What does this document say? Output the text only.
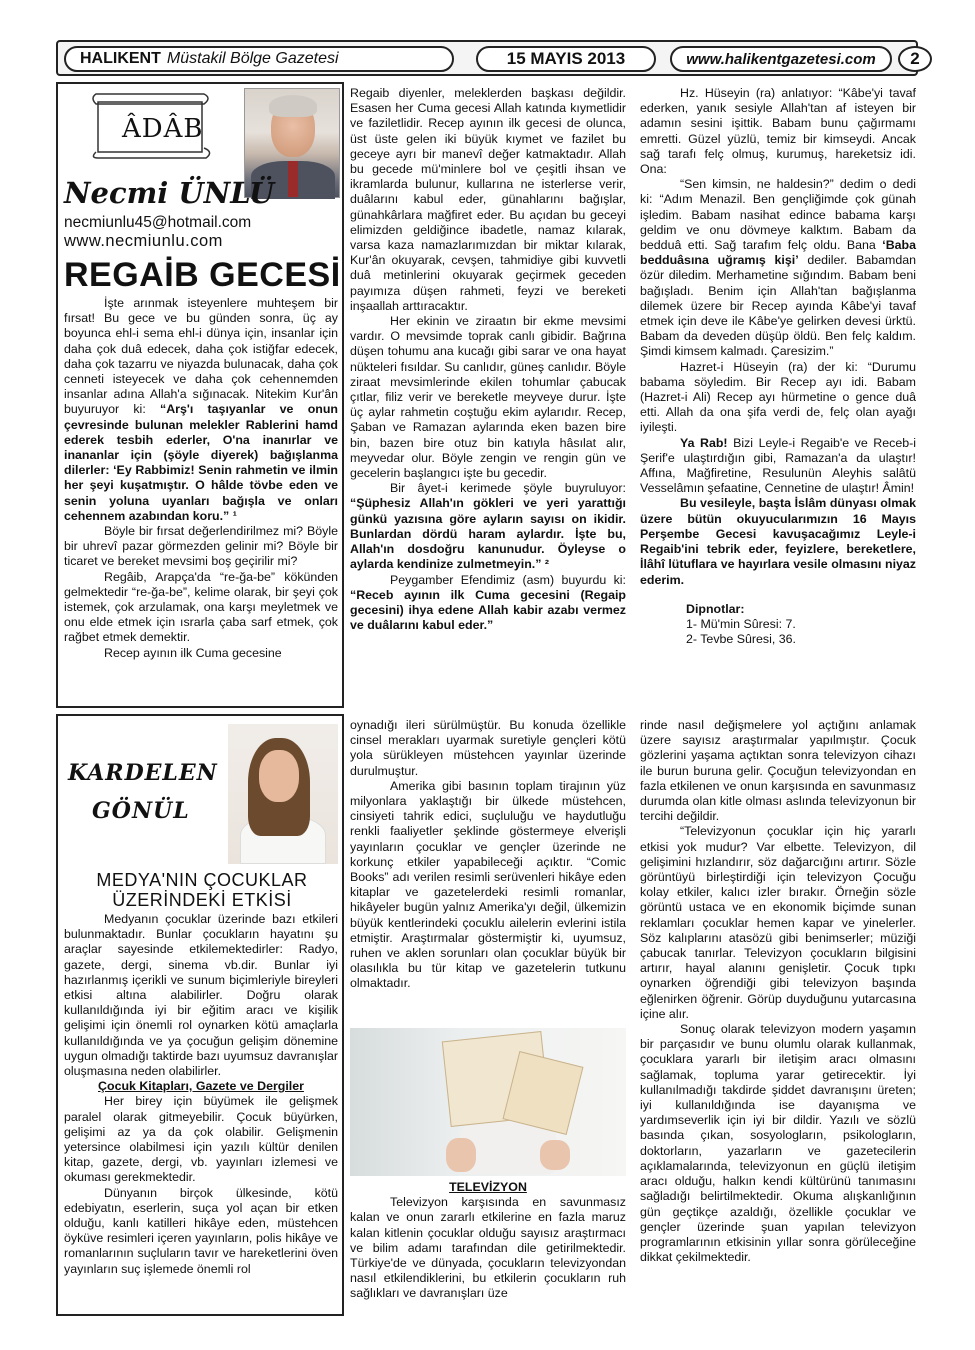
HALIKENT Müstakil Bölge Gazetesi	15 MAYIS 2013	www.halikentgazetesi.com	2
ÂDÂB
Necmi ÜNLÜ
necmiunlu45@hotmail.com
www.necmiunlu.com
REGAİB GECESİ

İşte arınmak isteyenlere muhteşem bir fırsat! Bu gece ve bu günden sonra, üç ay boyunca ehl-i sema ehl-i dünya için, insanlar için daha çok duâ edecek, daha çok istiğfar edecek, daha çok tazarru ve niyazda bulunacak, daha çok cenneti isteyecek ve daha çok cehennemden insanlar adına Allah'a sığınacak. Nitekim Kur'ân buyuruyor ki: “Arş'ı taşıyanlar ve onun çevresinde bulunan melekler Rablerini hamd ederek tesbih ederler, O'na inanırlar ve inananlar için (şöyle diyerek) bağışlanma dilerler: ‘Ey Rabbimiz! Senin rahmetin ve ilmin her şeyi kuşatmıştır. O hâlde tövbe eden ve senin yoluna uyanları bağışla ve onları cehennem azabından koru.” ¹

Böyle bir fırsat değerlendirilmez mi? Böyle bir uhrevî pazar görmezden gelinir mi? Böyle bir ticaret ve bereket mevsimi boş geçirilir mi?

Regâib, Arapça'da “re-ğa-be” kökünden gelmektedir “re-ğa-be”, kelime olarak, bir şeyi çok istemek, çok arzulamak, ona karşı meyletmek ve onu elde etmek için ısrarla çaba sarf etmek, çok rağbet etmek demektir.

Recep ayının ilk Cuma gecesine

Regaib diyenler, meleklerden başkası değildir. Esasen her Cuma gecesi Allah katında kıymetlidir ve faziletlidir. Recep ayının ilk gecesi de olunca, üst üste gelen iki büyük kıymet ve fazilet bu geceye ayrı bir manevî değer katmaktadır. Allah bu gecede mü'minlere bol ve çeşitli ihsan ve ikramlarda bulunur, kullarına ne isterlerse verir, duâlarını kabul eder, günahlarını bağışlar, günahkârlara mağfiret eder. Bu açıdan bu geceyi elimizden geldiğince ibadetle, namaz kılarak, varsa kaza namazlarımızdan bir miktar kılarak, Kur'ân okuyarak, cevşen, tahmidiye gibi kuvvetli duâ metinlerini okuyarak geçirmek geceden payımıza düşen rahmeti, feyzi ve bereketi inşaallah arttıracaktır.

Her ekinin ve ziraatın bir ekme mevsimi vardır. O mevsimde toprak canlı gibidir. Bağrına düşen tohumu ana kucağı gibi sarar ve ona hayat nükteleri fısıldar. Su canlıdır, güneş canlıdır. Böyle ziraat mevsimlerinde ekilen tohumlar çabucak çıtlar, filiz verir ve bereketle meyveye durur. İşte üç aylar rahmetin coştuğu ekim aylarıdır. Recep, Şaban ve Ramazan aylarında eken bazen bire bin, bazen bire otuz bin katıyla hâsılat alır, meyvedar olur. Böyle zengin ve rengin gün ve gecelerin başlangıcı işte bu gecedir.

Bir âyet-i kerimede şöyle buyruluyor: “Şüphesiz Allah'ın gökleri ve yeri yarattığı günkü yazısına göre ayların sayısı on ikidir. Bunlardan dördü haram aylardır. İşte bu, Allah'ın dosdoğru kanunudur. Öyleyse o aylarda kendinize zulmetmeyin.” ²

Peygamber Efendimiz (asm) buyurdu ki: “Receb ayının ilk Cuma gecesini (Regaip gecesini) ihya edene Allah kabir azabı vermez ve duâlarını kabul eder.”

Hz. Hüseyin (ra) anlatıyor: “Kâbe'yi tavaf ederken, yanık sesiyle Allah'tan af isteyen bir adamın sesini işittik. Babam bunu çağırmamı emretti. Güzel yüzlü, temiz bir kimseydi. Ancak sağ tarafı felç olmuş, kurumuş, hareketsiz idi. Ona:

“Sen kimsin, ne haldesin?” dedim o dedi ki: “Adım Menazil. Ben gençliğimde çok günah işledim. Babam nasihat edince babama karşı geldim ve onu dövmeye kalktım. Babam da bedduâ etti. Sağ tarafım felç oldu. Bana ‘Baba bedduâsına uğramış kişi’ dediler. Babamdan özür diledim. Merhametine sığındım. Babam beni bağışladı. Benim için Allah'tan bağışlanma dilemek üzere bir Recep ayında Kâbe'yi tavaf etmek için deve ile Kâbe'ye gelirken devesi ürktü. Babam da deveden düşüp öldü. Ben felç kaldım. Şimdi kimsem kalmadı. Çaresizim.”

Hazret-i Hüseyin (ra) der ki: “Durumu babama söyledim. Bir Recep ayı idi. Babam (Hazret-i Ali) Recep ayı hürmetine o gence duâ etti. Allah da ona şifa verdi de, felç olan ayağı iyileşti.

Ya Rab! Bizi Leyle-i Regaib'e ve Receb-i Şerif'e ulaştırdığın gibi, Ramazan'a da ulaştır! Affına, Mağfiretine, Resulunün Aleyhis salâtü Vesselâmın şefaatine, Cennetine de ulaştır! Âmin!

Bu vesileyle, başta İslâm dünyası olmak üzere bütün okuyucularımızın 16 Mayıs Perşembe Gecesi kavuşacağımız Leyle-i Regaib'ini tebrik eder, feyizlere, bereketlere, İlâhî lütuflara ve hayırlara vesile olmasını niyaz ederim.

Dipnotlar:

1- Mü'min Sûresi: 7.

2- Tevbe Sûresi, 36.

KARDELEN
GÖNÜL
MEDYA'NIN ÇOCUKLAR
ÜZERİNDEKİ ETKİSİ

Medyanın çocuklar üzerinde bazı etkileri bulunmaktadır. Bunlar çocukların hayatını şu araçlar sayesinde etkilemektedirler: Radyo, gazete, dergi, sinema vb.dir. Bunlar iyi hazırlanmış içerikli ve sunum biçimleriyle bireyleri etkisi altına alabilirler. Doğru olarak kullanıldığında iyi bir eğitim aracı ve kişilik gelişimi için önemli rol oynarken kötü amaçlarla kullanıldığında ve ya çocuğun gelişim dönemine uygun olmadığı taktirde bazı uyumsuz davranışlar oluşmasına neden olabilirler.

Çocuk Kitapları, Gazete ve Dergiler

Her birey için büyümek ile gelişmek paralel olarak gitmeyebilir. Çocuk büyürken, gelişimi az ya da çok olabilir. Gelişmenin yetersince olabilmesi için yazılı kültür denilen kitap, gazete, dergi, vb. yayınları izlemesi ve okuması gerekmektedir.

Dünyanın birçok ülkesinde, kötü edebiyatın, eserlerin, suça yol açan bir etken olduğu, kanlı katilleri hikâye eden, müstehcen öyküve resimleri içeren yayınların, polis hikâye ve romanlarının suçluların tavır ve hareketlerini öven yayınların suç işlemede önemli rol

oynadığı ileri sürülmüştür. Bu konuda özellikle cinsel merakları uyarmak suretiyle gençleri kötü yola sürükleyen müstehcen yayınlar üzerinde durulmuştur.

Amerika gibi basının toplam tirajının yüz milyonlara yaklaştığı bir ülkede müstehcen, cinsiyeti tahrik edici, suçluluğu ve haydutluğu renkli faaliyetler şeklinde göstermeye elverişli yayınların çocuklar ve gençler üzerinde ne korkunç etkiler yapabileceği açıktır. “Comic Books” adı verilen resimli serüvenleri hikâye eden kitaplar ve gazetelerdeki resimli romanlar, hikâyeler bugün yalnız Amerika'yı değil, ülkemizin büyük kentlerindeki çocuklu ailelerin evlerini istila etmiştir. Araştırmalar göstermiştir ki, uyumsuz, ruhen ve aklen sorunları olan çocuklar büyük bir olasılıkla bu tür kitap ve gazetelerin tutkunu olmaktadır.

TELEVİZYON

Televizyon karşısında en savunmasız kalan ve onun zararlı etkilerine en fazla maruz kalan kitlenin çocuklar olduğu sayısız araştırmacı ve bilim adamı tarafından dile getirilmektedir. Türkiye'de ve dünyada, çocukların televizyondan nasıl etkilendiklerini, bu etkilerin çocukların ruh sağlıkları ve davranışları üze

rinde nasıl değişmelere yol açtığını anlamak üzere sayısız araştırmalar yapılmıştır. Çocuk gözlerini yaşama açtıktan sonra televizyon cihazı ile burun buruna gelir. Çocuğun televizyondan en fazla etkilenen ve onun karşısında en savunmasız durumda olan kitle olması aslında televizyonun bir tercihi değildir.

“Televizyonun çocuklar için hiç yararlı etkisi yok mudur? Var elbette. Televizyon, dil gelişimini hızlandırır, söz dağarcığını artırır. Sözle görüntüyü birleştirdiği için televizyon Çocuğu kolay etkiler, kalıcı izler bırakır. Örneğin sözle görüntü ustaca ve en ekonomik biçimde sunan reklamları çocuklar hemen kapar ve yinelerler. Söz kalıplarını atasözü gibi benimserler; müziği çabucak tanırlar. Televizyon çocukların bilgisini artırır, hayal alanını genişletir. Çocuk tıpkı oynarken öğrendiği gibi televizyon başında eğlenirken öğrenir. Görüp duyduğunu yutarcasına içine alır.

Sonuç olarak televizyon modern yaşamın bir parçasıdır ve bunu olumlu olarak kullanmak, çocuklara yararlı bir iletişim aracı olmasını sağlamak, topluma yarar getirecektir. İyi kullanılmadığı takdirde şiddet davranışını üreten; iyi kullanıldığında ise dayanışma ve yardımseverlik için iyi bir dildir. Yazılı ve sözlü basında çıkan, sosyologların, psikologların, doktorların, yazarların ve gazetecilerin açıklamalarında, televizyonun en güçlü iletişim aracı olduğu, halkın kendi kültürünü tanımasını sağladığı belirtilmektedir. Okuma alışkanlığının gün geçtikçe azaldığı, özellikle çocuklar ve gençler üzerinde şuan yapılan televizyon programlarının etkisinin yıllar sonra görüleceğine dikkat çekilmektedir.
